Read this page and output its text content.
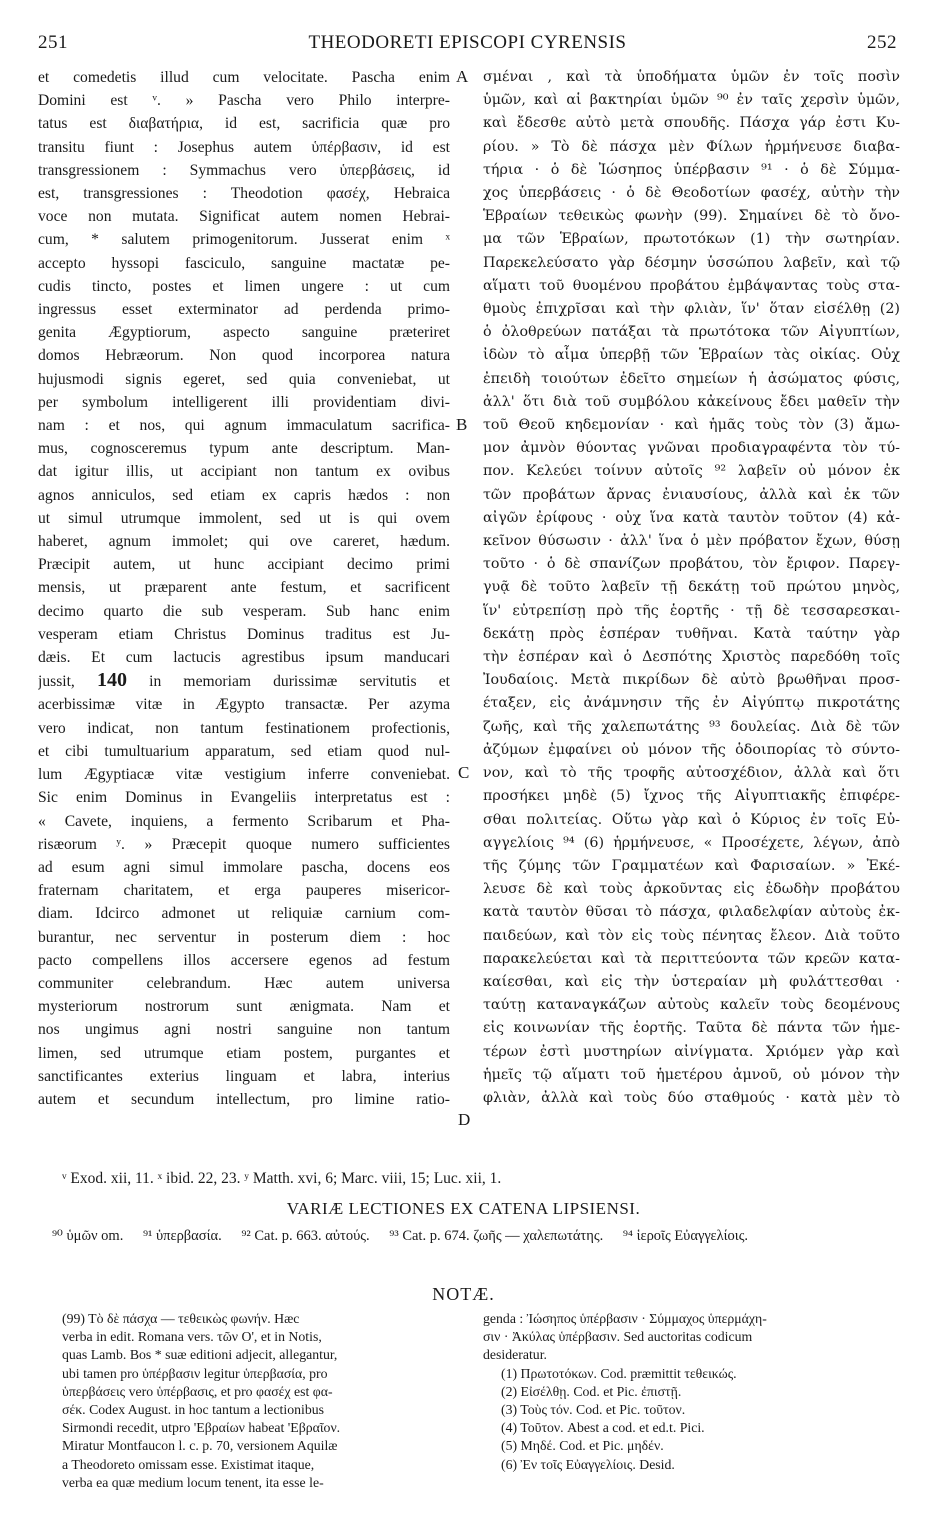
251	THEODORETI EPISCOPI CYRENSIS	252
et comedetis illud cum velocitate. Pascha enim
Domini est ᵛ. » Pascha vero Philo interpre-
tatus est διαβατήρια, id est, sacrificia quæ pro
transitu fiunt : Josephus autem ὑπέρβασιν, id est
transgressionem : Symmachus vero ὑπερβάσεις, id
est, transgressiones : Theodotion φασέχ, Hebraica
voce non mutata. Significat autem nomen Hebrai-
cum, * salutem primogenitorum. Jusserat enim ˣ
accepto hyssopi fasciculo, sanguine mactatæ pe-
cudis tincto, postes et limen ungere : ut cum
ingressus esset exterminator ad perdenda primo-
genita Ægyptiorum, aspecto sanguine præteriret
domos Hebræorum. Non quod incorporea natura
hujusmodi signis egeret, sed quia conveniebat, ut
per symbolum intelligerent illi providentiam divi-
nam : et nos, qui agnum immaculatum sacrifica-
mus, cognosceremus typum ante descriptum. Man-
dat igitur illis, ut accipiant non tantum ex ovibus
agnos anniculos, sed etiam ex capris hædos : non
ut simul utrumque immolent, sed ut is qui ovem
haberet, agnum immolet; qui ove careret, hædum.
Præcipit autem, ut hunc accipiant decimo primi
mensis, ut præparent ante festum, et sacrificent
decimo quarto die sub vesperam. Sub hanc enim
vesperam etiam Christus Dominus traditus est Ju-
dæis. Et cum lactucis agrestibus ipsum manducari
jussit, 140 in memoriam durissimæ servitutis et
acerbissimæ vitæ in Ægypto transactæ. Per azyma
vero indicat, non tantum festinationem profectionis,
et cibi tumultuarium apparatum, sed etiam quod nul-
lum Ægyptiacæ vitæ vestigium inferre conveniebat.
Sic enim Dominus in Evangeliis interpretatus est :
« Cavete, inquiens, a fermento Scribarum et Pha-
risæorum ʸ. » Præcepit quoque numero sufficientes
ad esum agni simul immolare pascha, docens eos
fraternam charitatem, et erga pauperes misericor-
diam. Idcirco admonet ut reliquiæ carnium com-
burantur, nec serventur in posterum diem : hoc
pacto compellens illos accersere egenos ad festum
communiter celebrandum. Hæc autem universa
mysteriorum nostrorum sunt ænigmata. Nam et
nos ungimus agni nostri sanguine non tantum
limen, sed utrumque etiam postem, purgantes et
sanctificantes exterius linguam et labra, interius
autem et secundum intellectum, pro limine ratio-
A
B
C
D
σμέναι , καὶ τὰ ὑποδήματα ὑμῶν ἐν τοῖς ποσὶν
ὑμῶν, καὶ αἱ βακτηρίαι ὑμῶν ⁹⁰ ἐν ταῖς χερσὶν ὑμῶν,
καὶ ἔδεσθε αὐτὸ μετὰ σπουδῆς. Πάσχα γάρ ἐστι Κυ-
ρίου. » Τὸ δὲ πάσχα μὲν Φίλων ἡρμήνευσε διαβα-
τήρια · ὁ δὲ Ἰώσηπος ὑπέρβασιν ⁹¹ · ὁ δὲ Σύμμα-
χος ὑπερβάσεις · ὁ δὲ Θεοδοτίων φασέχ, αὐτὴν τὴν
Ἑβραίων τεθεικὼς φωνὴν (99). Σημαίνει δὲ τὸ ὄνο-
μα τῶν Ἑβραίων, πρωτοτόκων (1) τὴν σωτηρίαν.
Παρεκελεύσατο γὰρ δέσμην ὑσσώπου λαβεῖν, καὶ τῷ
αἵματι τοῦ θυομένου προβάτου ἐμβάψαντας τοὺς στα-
θμοὺς ἐπιχρῖσαι καὶ τὴν φλιὰν, ἵν' ὅταν εἰσέλθῃ (2)
ὁ ὀλοθρεύων πατάξαι τὰ πρωτότοκα τῶν Αἰγυπτίων,
ἰδὼν τὸ αἷμα ὑπερβῇ τῶν Ἑβραίων τὰς οἰκίας. Οὐχ
ἐπειδὴ τοιούτων ἐδεῖτο σημείων ἡ ἀσώματος φύσις,
ἀλλ' ὅτι διὰ τοῦ συμβόλου κἀκείνους ἔδει μαθεῖν τὴν
τοῦ Θεοῦ κηδεμονίαν · καὶ ἡμᾶς τοὺς τὸν (3) ἄμω-
μον ἀμνὸν θύοντας γνῶναι προδιαγραφέντα τὸν τύ-
πον. Κελεύει τοίνυν αὐτοῖς ⁹² λαβεῖν οὐ μόνον ἐκ
τῶν προβάτων ἄρνας ἐνιαυσίους, ἀλλὰ καὶ ἐκ τῶν
αἰγῶν ἐρίφους · οὐχ ἵνα κατὰ ταυτὸν τοῦτον (4) κἀ-
κεῖνον θύσωσιν · ἀλλ' ἵνα ὁ μὲν πρόβατον ἔχων, θύσῃ
τοῦτο · ὁ δὲ σπανίζων προβάτου, τὸν ἔριφον. Παρεγ-
γυᾷ δὲ τοῦτο λαβεῖν τῇ δεκάτῃ τοῦ πρώτου μηνὸς,
ἵν' εὐτρεπίσῃ πρὸ τῆς ἑορτῆς · τῇ δὲ τεσσαρεσκαι-
δεκάτῃ πρὸς ἑσπέραν τυθῆναι. Κατὰ ταύτην γὰρ
τὴν ἑσπέραν καὶ ὁ Δεσπότης Χριστὸς παρεδόθη τοῖς
Ἰουδαίοις. Μετὰ πικρίδων δὲ αὐτὸ βρωθῆναι προσ-
έταξεν, εἰς ἀνάμνησιν τῆς ἐν Αἰγύπτῳ πικροτάτης
ζωῆς, καὶ τῆς χαλεπωτάτης ⁹³ δουλείας. Διὰ δὲ τῶν
ἀζύμων ἐμφαίνει οὐ μόνον τῆς ὁδοιπορίας τὸ σύντο-
νον, καὶ τὸ τῆς τροφῆς αὐτοσχέδιον, ἀλλὰ καὶ ὅτι
προσήκει μηδὲ (5) ἴχνος τῆς Αἰγυπτιακῆς ἐπιφέρε-
σθαι πολιτείας. Οὕτω γὰρ καὶ ὁ Κύριος ἐν τοῖς Εὐ-
αγγελίοις ⁹⁴ (6) ἡρμήνευσε, « Προσέχετε, λέγων, ἀπὸ
τῆς ζύμης τῶν Γραμματέων καὶ Φαρισαίων. » Ἐκέ-
λευσε δὲ καὶ τοὺς ἀρκοῦντας εἰς ἐδωδὴν προβάτου
κατὰ ταυτὸν θῦσαι τὸ πάσχα, φιλαδελφίαν αὐτοὺς ἐκ-
παιδεύων, καὶ τὸν εἰς τοὺς πένητας ἔλεον. Διὰ τοῦτο
παρακελεύεται καὶ τὰ περιττεύοντα τῶν κρεῶν κατα-
καίεσθαι, καὶ εἰς τὴν ὑστεραίαν μὴ φυλάττεσθαι ·
ταύτῃ καταναγκάζων αὐτοὺς καλεῖν τοὺς δεομένους
εἰς κοινωνίαν τῆς ἑορτῆς. Ταῦτα δὲ πάντα τῶν ἡμε-
τέρων ἐστὶ μυστηρίων αἰνίγματα. Χριόμεν γὰρ καὶ
ἡμεῖς τῷ αἵματι τοῦ ἡμετέρου ἀμνοῦ, οὐ μόνον τὴν
φλιὰν, ἀλλὰ καὶ τοὺς δύο σταθμούς · κατὰ μὲν τὸ
ᵛ Exod. xii, 11. ˣ ibid. 22, 23. ʸ Matth. xvi, 6; Marc. viii, 15; Luc. xii, 1.
VARIÆ LECTIONES EX CATENA LIPSIENSI.
⁹⁰ ὑμῶν om. ⁹¹ ὑπερβασία. ⁹² Cat. p. 663. αὐτούς. ⁹³ Cat. p. 674. ζωῆς — χαλεπωτάτης. ⁹⁴ ἱεροῖς Εὐαγγελίοις.
NOTÆ.
(99) Τὸ δὲ πάσχα — τεθεικὼς φωνήν. Hæc
verba in edit. Romana vers. τῶν Ο', et in Notis,
quas Lamb. Bos * suæ editioni adjecit, allegantur,
ubi tamen pro ὑπέρβασιν legitur ὑπερβασία, pro
ὑπερβάσεις vero ὑπέρβασις, et pro φασέχ est φα-
σέκ. Codex August. in hoc tantum a lectionibus
Sirmondi recedit, utpro 'Εβραίων habeat 'Εβραῖον.
Miratur Montfaucon l. c. p. 70, versionem Aquilæ
a Theodoreto omissam esse. Existimat itaque,
verba ea quæ medium locum tenent, ita esse le-
genda : Ἰώσηπος ὑπέρβασιν · Σύμμαχος ὑπερμάχη-
σιν · Ἀκύλας ὑπέρβασιν. Sed auctoritas codicum
desideratur.
(1) Πρωτοτόκων. Cod. præmittit τεθεικώς.
(2) Εἰσέλθῃ. Cod. et Pic. ἐπιστῇ.
(3) Τοὺς τόν. Cod. et Pic. τοῦτον.
(4) Τοῦτον. Abest a cod. et ed.t. Pici.
(5) Μηδέ. Cod. et Pic. μηδέν.
(6) Ἐν τοῖς Εὐαγγελίοις. Desid.
